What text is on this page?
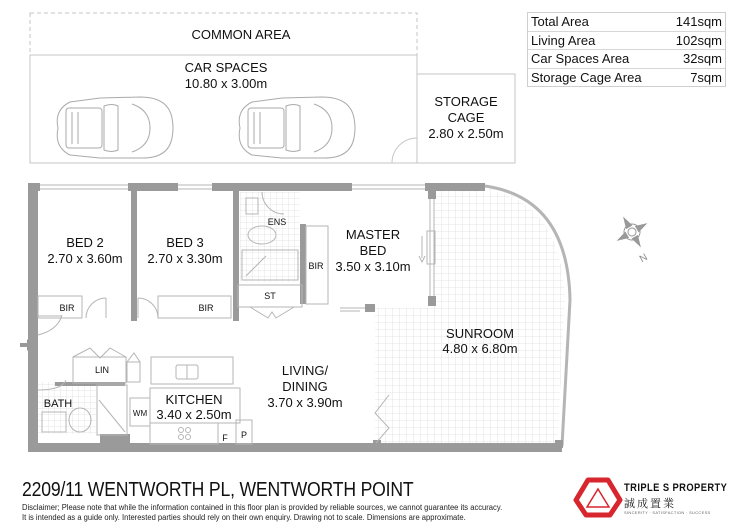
Total Area	141sqm
Living Area	102sqm
Car Spaces Area	32sqm
Storage Cage Area	7sqm
COMMON AREA
CAR SPACES
10.80 x 3.00m
STORAGE
CAGE
2.80 x 2.50m
BED 2
2.70 x 3.60m
BIR
BED 3
2.70 x 3.30m
BIR
ENS
ST
BIR
MASTER
BED
3.50 x 3.10m
SUNROOM
4.80 x 6.80m
LIN
BATH
WM
KITCHEN
3.40 x 2.50m
F P
LIVING/
DINING
3.70 x 3.90m
N
2209/11 WENTWORTH PL, WENTWORTH POINT
Disclaimer; Please note that while the information contained in this floor plan is provided by reliable sources, we cannot guarantee its accuracy.
It is intended as a guide only. Interested parties should rely on their own enquiry. Drawing not to scale. Dimensions are approximate.
TRIPLE S PROPERTY
誠成置業
SINCERITY · SATISFACTION · SUCCESS
